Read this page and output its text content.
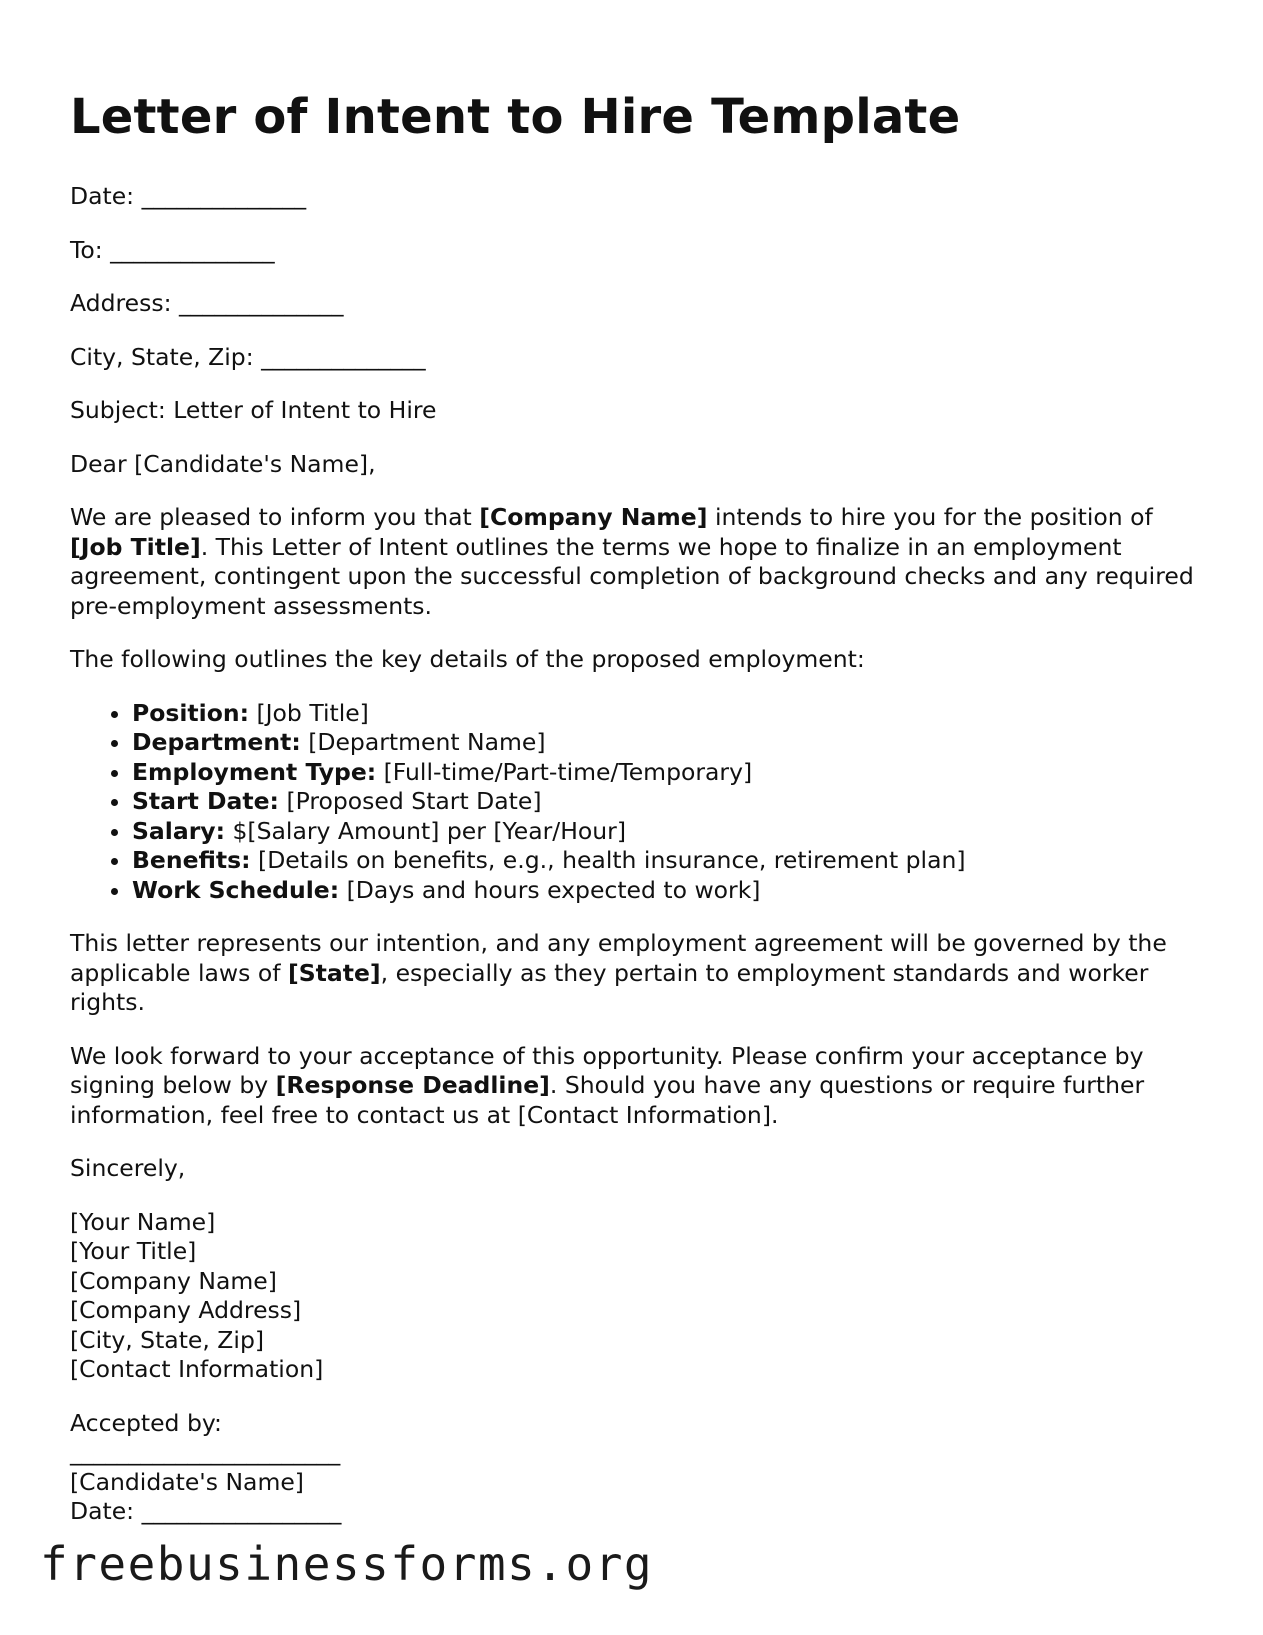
Letter of Intent to Hire Template
Date: ______________
To: ______________
Address: ______________
City, State, Zip: ______________

Subject: Letter of Intent to Hire

Dear [Candidate's Name],

We are pleased to inform you that [Company Name] intends to hire you for the position of [Job Title]. This Letter of Intent outlines the terms we hope to finalize in an employment agreement, contingent upon the successful completion of background checks and any required pre-employment assessments.

The following outlines the key details of the proposed employment:

• Position: [Job Title]
• Department: [Department Name]
• Employment Type: [Full-time/Part-time/Temporary]
• Start Date: [Proposed Start Date]
• Salary: $[Salary Amount] per [Year/Hour]
• Benefits: [Details on benefits, e.g., health insurance, retirement plan]
• Work Schedule: [Days and hours expected to work]

This letter represents our intention, and any employment agreement will be governed by the applicable laws of [State], especially as they pertain to employment standards and worker rights.

We look forward to your acceptance of this opportunity. Please confirm your acceptance by signing below by [Response Deadline]. Should you have any questions or require further information, feel free to contact us at [Contact Information].

Sincerely,

[Your Name]

[Your Title]

[Company Name]

[Company Address]

[City, State, Zip]

[Contact Information]

Accepted by:

_______________________

[Candidate's Name]

Date: _________________

freebusinessforms.org
